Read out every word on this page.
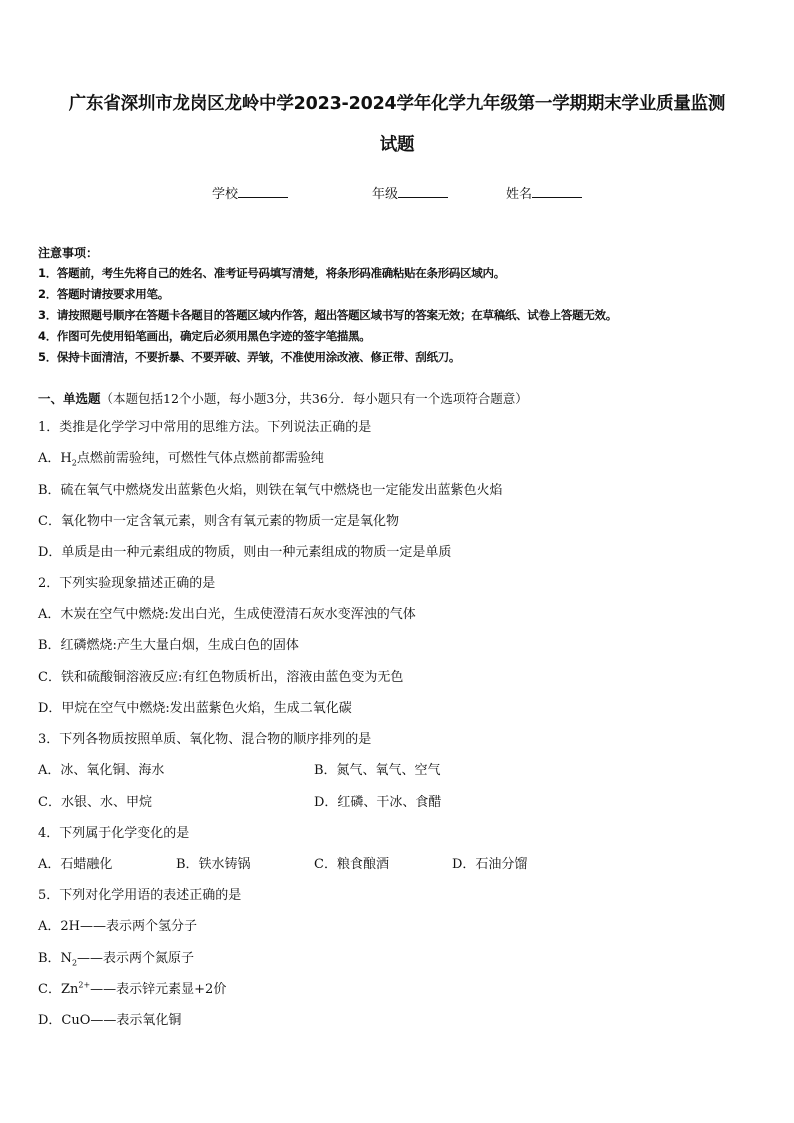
广东省深圳市龙岗区龙岭中学2023-2024学年化学九年级第一学期期末学业质量监测
试题
学校	年级	姓名
注意事项：
1．答题前，考生先将自己的姓名、准考证号码填写清楚，将条形码准确粘贴在条形码区域内。
2．答题时请按要求用笔。
3．请按照题号顺序在答题卡各题目的答题区域内作答，超出答题区域书写的答案无效；在草稿纸、试卷上答题无效。
4．作图可先使用铅笔画出，确定后必须用黑色字迹的签字笔描黑。
5．保持卡面清洁，不要折暴、不要弄破、弄皱，不准使用涂改液、修正带、刮纸刀。
一、单选题（本题包括12个小题，每小题3分，共36分．每小题只有一个选项符合题意）
1．类推是化学学习中常用的思维方法。下列说法正确的是
A．$H_2$点燃前需验纯，可燃性气体点燃前都需验纯
B．硫在氧气中燃烧发出蓝紫色火焰，则铁在氧气中燃烧也一定能发出蓝紫色火焰
C．氧化物中一定含氧元素，则含有氧元素的物质一定是氧化物
D．单质是由一种元素组成的物质，则由一种元素组成的物质一定是单质
2．下列实验现象描述正确的是
A．木炭在空气中燃烧:发出白光，生成使澄清石灰水变浑浊的气体
B．红磷燃烧:产生大量白烟，生成白色的固体
C．铁和硫酸铜溶液反应:有红色物质析出，溶液由蓝色变为无色
D．甲烷在空气中燃烧:发出蓝紫色火焰，生成二氧化碳
3．下列各物质按照单质、氧化物、混合物的顺序排列的是
A．冰、氧化铜、海水	B．氮气、氧气、空气
C．水银、水、甲烷	D．红磷、干冰、食醋
4．下列属于化学变化的是
A．石蜡融化	B．铁水铸锅	C．粮食酿酒	D．石油分馏
5．下列对化学用语的表述正确的是
A．2H——表示两个氢分子
B．$N_2——$表示两个氮原子
C．$Zn^{2+}——$表示锌元素显+2价
D．CuO——表示氧化铜
